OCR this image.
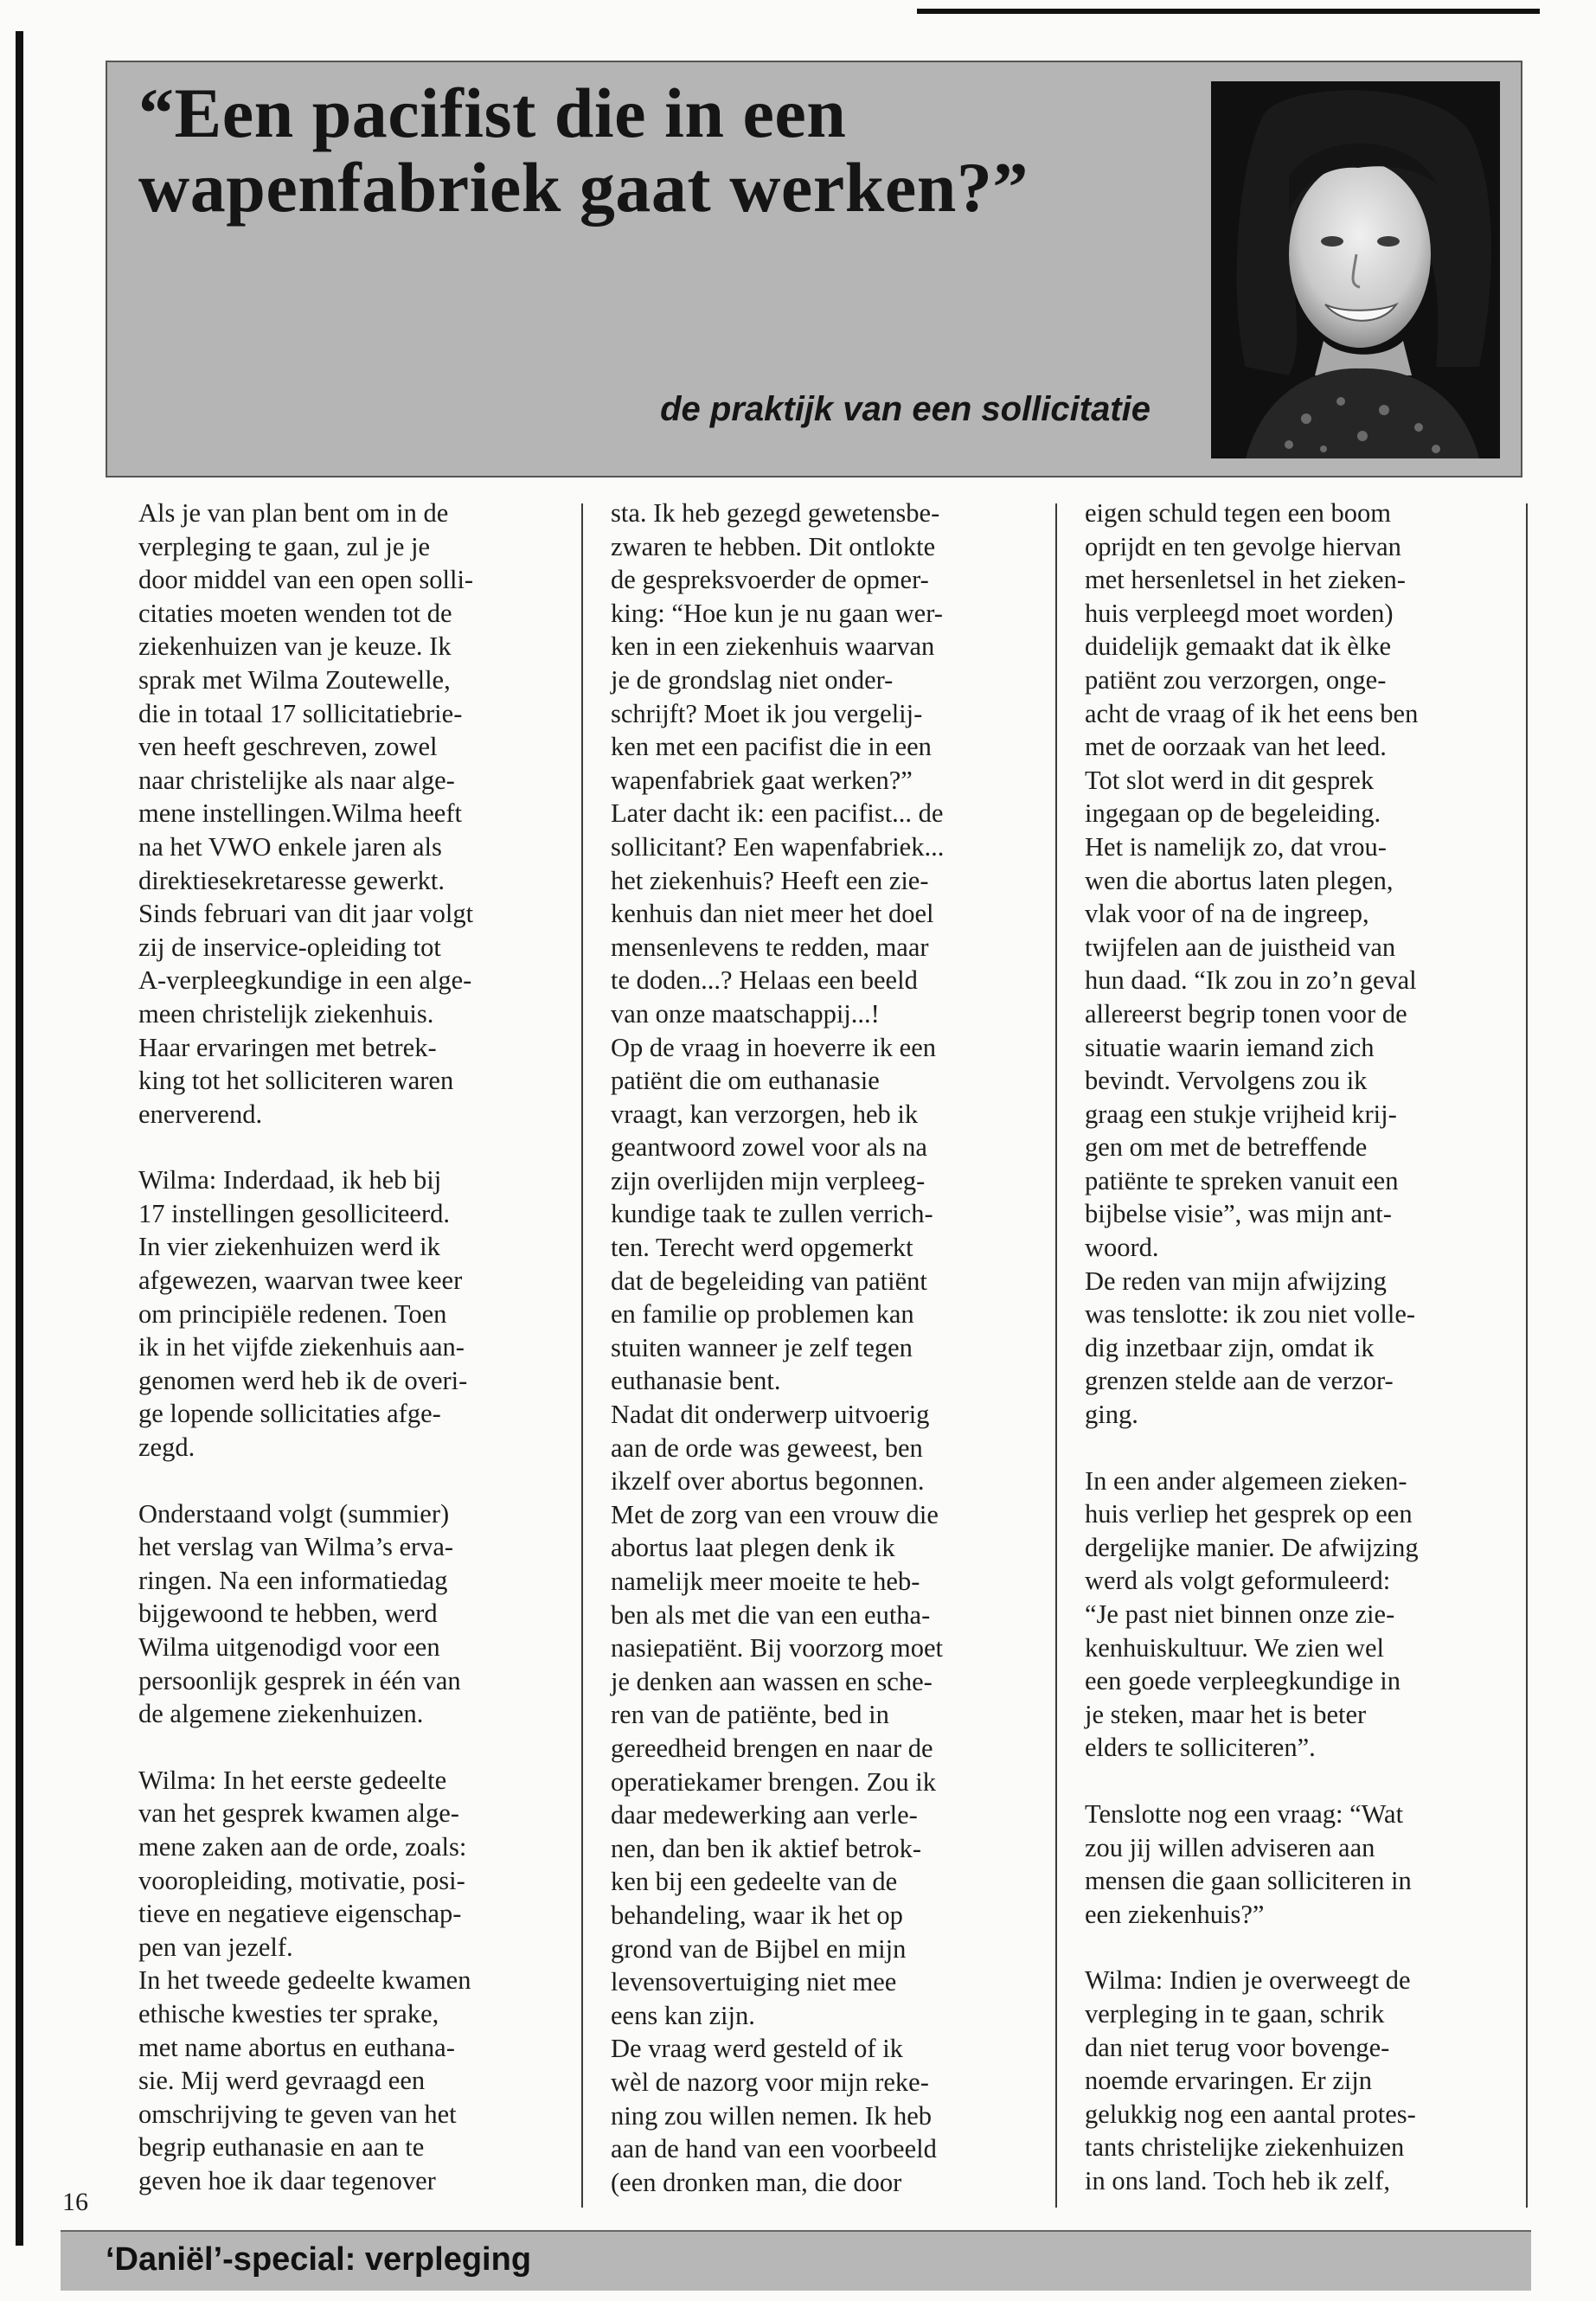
“Een pacifist die in een
wapenfabriek gaat werken?”

de praktijk van een sollicitatie

Als je van plan bent om in de

verpleging te gaan, zul je je

door middel van een open solli-

citaties moeten wenden tot de

ziekenhuizen van je keuze. Ik

sprak met Wilma Zoutewelle,

die in totaal 17 sollicitatiebrie-

ven heeft geschreven, zowel

naar christelijke als naar alge-

mene instellingen.Wilma heeft

na het VWO enkele jaren als

direktiesekretaresse gewerkt.

Sinds februari van dit jaar volgt

zij de inservice-opleiding tot

A-verpleegkundige in een alge-

meen christelijk ziekenhuis.

Haar ervaringen met betrek-

king tot het solliciteren waren

enerverend.

Wilma: Inderdaad, ik heb bij

17 instellingen gesolliciteerd.

In vier ziekenhuizen werd ik

afgewezen, waarvan twee keer

om principiële redenen. Toen

ik in het vijfde ziekenhuis aan-

genomen werd heb ik de overi-

ge lopende sollicitaties afge-

zegd.

Onderstaand volgt (summier)

het verslag van Wilma’s erva-

ringen. Na een informatiedag

bijgewoond te hebben, werd

Wilma uitgenodigd voor een

persoonlijk gesprek in één van

de algemene ziekenhuizen.

Wilma: In het eerste gedeelte

van het gesprek kwamen alge-

mene zaken aan de orde, zoals:

vooropleiding, motivatie, posi-

tieve en negatieve eigenschap-

pen van jezelf.

In het tweede gedeelte kwamen

ethische kwesties ter sprake,

met name abortus en euthana-

sie. Mij werd gevraagd een

omschrijving te geven van het

begrip euthanasie en aan te

geven hoe ik daar tegenover

sta. Ik heb gezegd gewetensbe-

zwaren te hebben. Dit ontlokte

de gespreksvoerder de opmer-

king: “Hoe kun je nu gaan wer-

ken in een ziekenhuis waarvan

je de grondslag niet onder-

schrijft? Moet ik jou vergelij-

ken met een pacifist die in een

wapenfabriek gaat werken?”

Later dacht ik: een pacifist... de

sollicitant? Een wapenfabriek...

het ziekenhuis? Heeft een zie-

kenhuis dan niet meer het doel

mensenlevens te redden, maar

te doden...? Helaas een beeld

van onze maatschappij...!

Op de vraag in hoeverre ik een

patiënt die om euthanasie

vraagt, kan verzorgen, heb ik

geantwoord zowel voor als na

zijn overlijden mijn verpleeg-

kundige taak te zullen verrich-

ten. Terecht werd opgemerkt

dat de begeleiding van patiënt

en familie op problemen kan

stuiten wanneer je zelf tegen

euthanasie bent.

Nadat dit onderwerp uitvoerig

aan de orde was geweest, ben

ikzelf over abortus begonnen.

Met de zorg van een vrouw die

abortus laat plegen denk ik

namelijk meer moeite te heb-

ben als met die van een eutha-

nasiepatiënt. Bij voorzorg moet

je denken aan wassen en sche-

ren van de patiënte, bed in

gereedheid brengen en naar de

operatiekamer brengen. Zou ik

daar medewerking aan verle-

nen, dan ben ik aktief betrok-

ken bij een gedeelte van de

behandeling, waar ik het op

grond van de Bijbel en mijn

levensovertuiging niet mee

eens kan zijn.

De vraag werd gesteld of ik

wèl de nazorg voor mijn reke-

ning zou willen nemen. Ik heb

aan de hand van een voorbeeld

(een dronken man, die door

eigen schuld tegen een boom

oprijdt en ten gevolge hiervan

met hersenletsel in het zieken-

huis verpleegd moet worden)

duidelijk gemaakt dat ik èlke

patiënt zou verzorgen, onge-

acht de vraag of ik het eens ben

met de oorzaak van het leed.

Tot slot werd in dit gesprek

ingegaan op de begeleiding.

Het is namelijk zo, dat vrou-

wen die abortus laten plegen,

vlak voor of na de ingreep,

twijfelen aan de juistheid van

hun daad. “Ik zou in zo’n geval

allereerst begrip tonen voor de

situatie waarin iemand zich

bevindt. Vervolgens zou ik

graag een stukje vrijheid krij-

gen om met de betreffende

patiënte te spreken vanuit een

bijbelse visie”, was mijn ant-

woord.

De reden van mijn afwijzing

was tenslotte: ik zou niet volle-

dig inzetbaar zijn, omdat ik

grenzen stelde aan de verzor-

ging.

In een ander algemeen zieken-

huis verliep het gesprek op een

dergelijke manier. De afwijzing

werd als volgt geformuleerd:

“Je past niet binnen onze zie-

kenhuiskultuur. We zien wel

een goede verpleegkundige in

je steken, maar het is beter

elders te solliciteren”.

Tenslotte nog een vraag: “Wat

zou jij willen adviseren aan

mensen die gaan solliciteren in

een ziekenhuis?”

Wilma: Indien je overweegt de

verpleging in te gaan, schrik

dan niet terug voor bovenge-

noemde ervaringen. Er zijn

gelukkig nog een aantal protes-

tants christelijke ziekenhuizen

in ons land. Toch heb ik zelf,

16

‘Daniël’-special: verpleging
